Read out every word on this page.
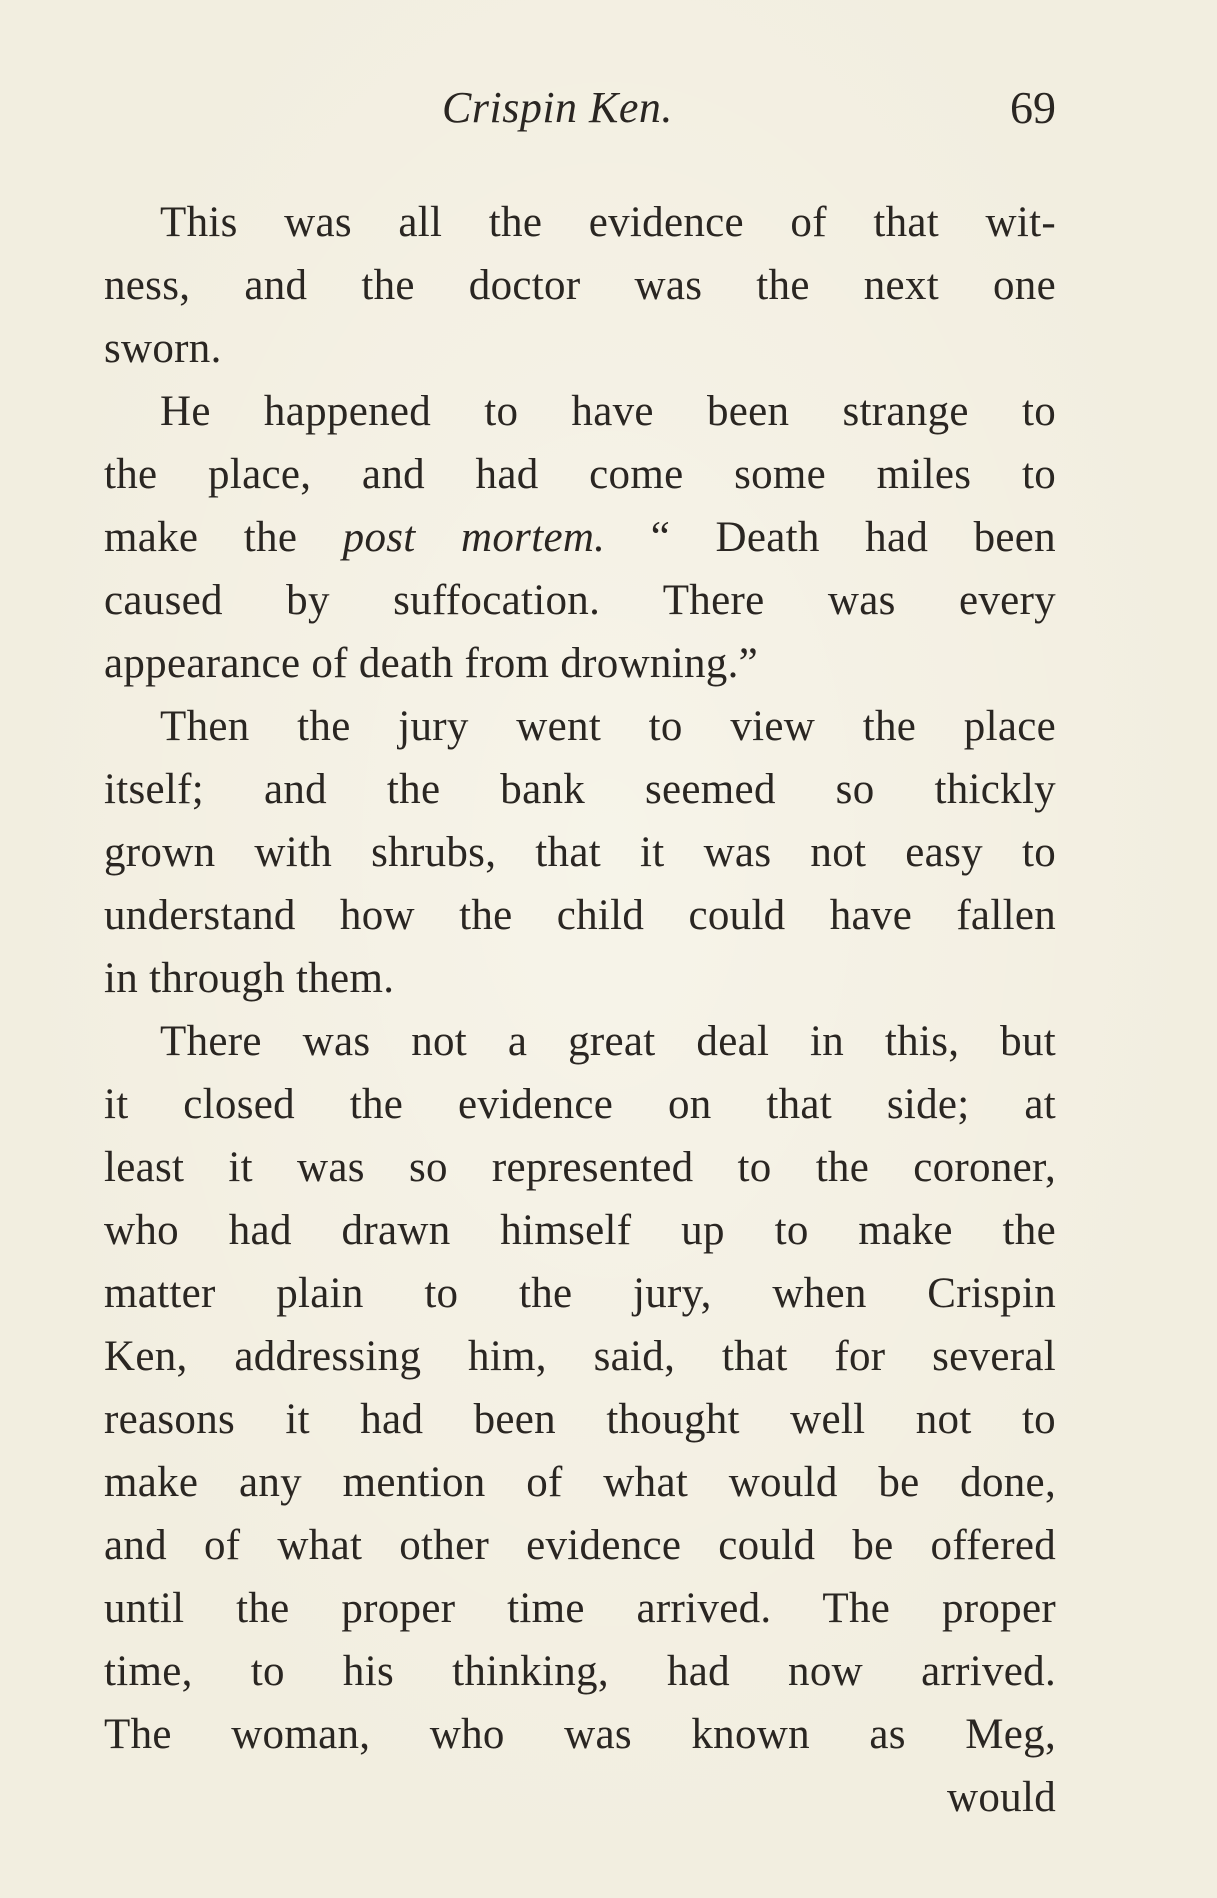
Crispin Ken.	69
This was all the evidence of that wit-
ness, and the doctor was the next one
sworn.
He happened to have been strange to
the place, and had come some miles to
make the post mortem. “ Death had been
caused by suffocation. There was every
appearance of death from drowning.”
Then the jury went to view the place
itself; and the bank seemed so thickly
grown with shrubs, that it was not easy to
understand how the child could have fallen
in through them.
There was not a great deal in this, but
it closed the evidence on that side; at
least it was so represented to the coroner,
who had drawn himself up to make the
matter plain to the jury, when Crispin
Ken, addressing him, said, that for several
reasons it had been thought well not to
make any mention of what would be done,
and of what other evidence could be offered
until the proper time arrived. The proper
time, to his thinking, had now arrived.
The woman, who was known as Meg,
would
